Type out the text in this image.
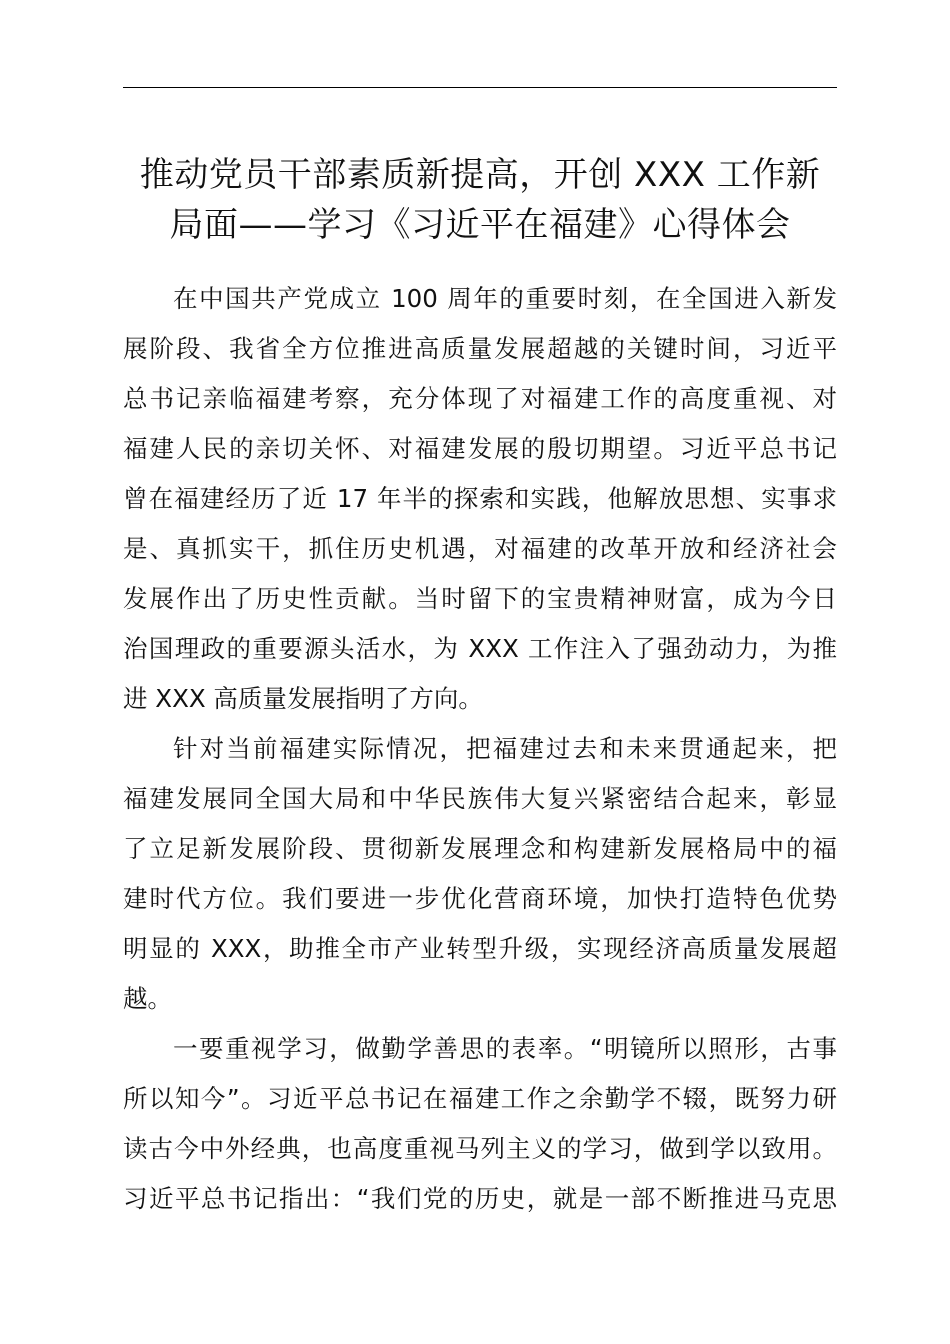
推动党员干部素质新提高，开创 XXX 工作新
局面——学习《习近平在福建》心得体会

在中国共产党成立 100 周年的重要时刻，在全国进入新发
展阶段、我省全方位推进高质量发展超越的关键时间，习近平
总书记亲临福建考察，充分体现了对福建工作的高度重视、对
福建人民的亲切关怀、对福建发展的殷切期望。习近平总书记
曾在福建经历了近 17 年半的探索和实践，他解放思想、实事求
是、真抓实干，抓住历史机遇，对福建的改革开放和经济社会
发展作出了历史性贡献。当时留下的宝贵精神财富，成为今日
治国理政的重要源头活水，为 XXX 工作注入了强劲动力，为推
进 XXX 高质量发展指明了方向。

针对当前福建实际情况，把福建过去和未来贯通起来，把
福建发展同全国大局和中华民族伟大复兴紧密结合起来，彰显
了立足新发展阶段、贯彻新发展理念和构建新发展格局中的福
建时代方位。我们要进一步优化营商环境，加快打造特色优势
明显的 XXX，助推全市产业转型升级，实现经济高质量发展超
越。

一要重视学习，做勤学善思的表率。“明镜所以照形，古事
所以知今”。习近平总书记在福建工作之余勤学不辍，既努力研
读古今中外经典，也高度重视马列主义的学习，做到学以致用。
习近平总书记指出：“我们党的历史，就是一部不断推进马克思
